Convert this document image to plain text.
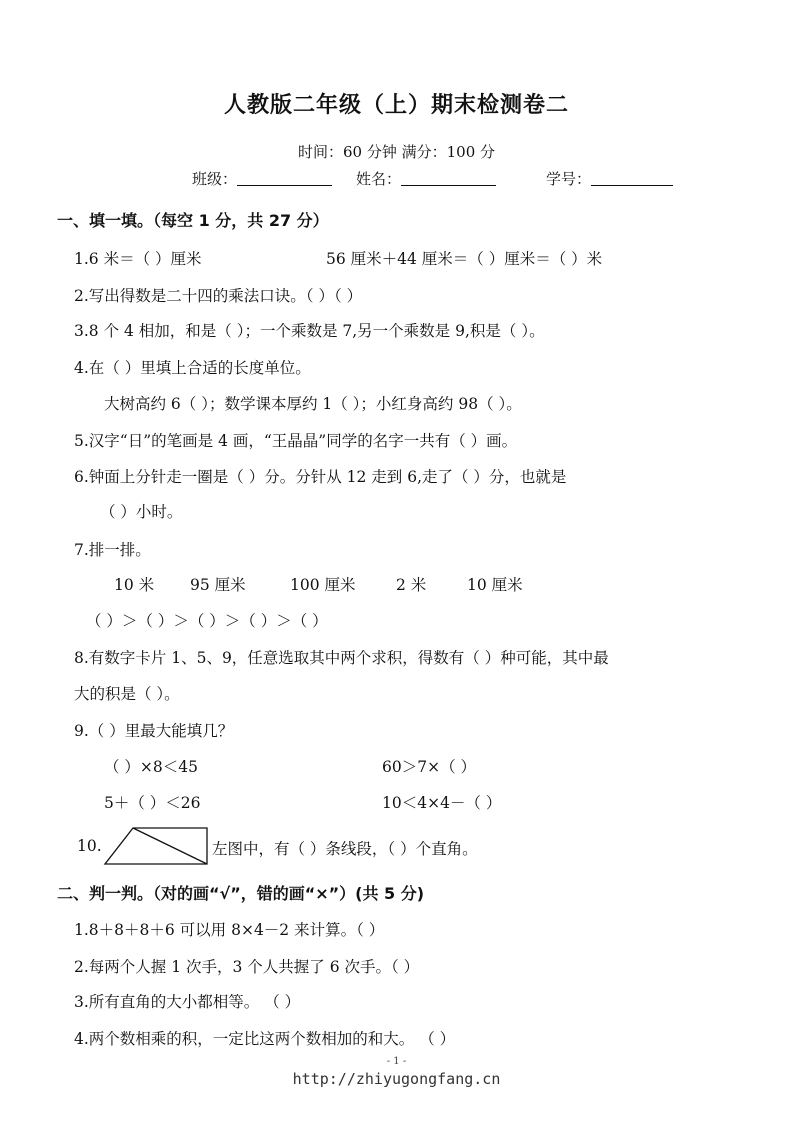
人教版二年级（上）期末检测卷二
时间：60 分钟 满分：100 分
班级：	姓名：	学号：
一、填一填。（每空 1 分，共 27 分）
1.6 米＝（ ）厘米	56 厘米＋44 厘米＝（ ）厘米＝（ ）米
2.写出得数是二十四的乘法口诀。（ ）（ ）
3.8 个 4 相加，和是（ ）；一个乘数是 7,另一个乘数是 9,积是（ ）。
4.在（ ）里填上合适的长度单位。
大树高约 6（ ）；数学课本厚约 1（ ）；小红身高约 98（ ）。
5.汉字“日”的笔画是 4 画，“王晶晶”同学的名字一共有（ ）画。
6.钟面上分针走一圈是（ ）分。分针从 12 走到 6,走了（ ）分，也就是
（ ）小时。
7.排一排。
10 米 95 厘米	100 厘米	2 米	10 厘米
（ ）＞（ ）＞（ ）＞（ ）＞（ ）
8.有数字卡片 1、5、9，任意选取其中两个求积，得数有（ ）种可能，其中最
大的积是（ ）。
9.（ ）里最大能填几？
（ ）×8＜45	60＞7×（ ）
5＋（ ）＜26	10＜4×4－（ ）
10.	左图中，有（ ）条线段，（ ）个直角。
二、判一判。（对的画“√”，错的画“×”）(共 5 分)
1.8＋8＋8＋6 可以用 8×4－2 来计算。（ ）
2.每两个人握 1 次手，3 个人共握了 6 次手。（ ）
3.所有直角的大小都相等。 （ ）
4.两个数相乘的积，一定比这两个数相加的和大。 （ ）
- 1 -
http://zhiyugongfang.cn
